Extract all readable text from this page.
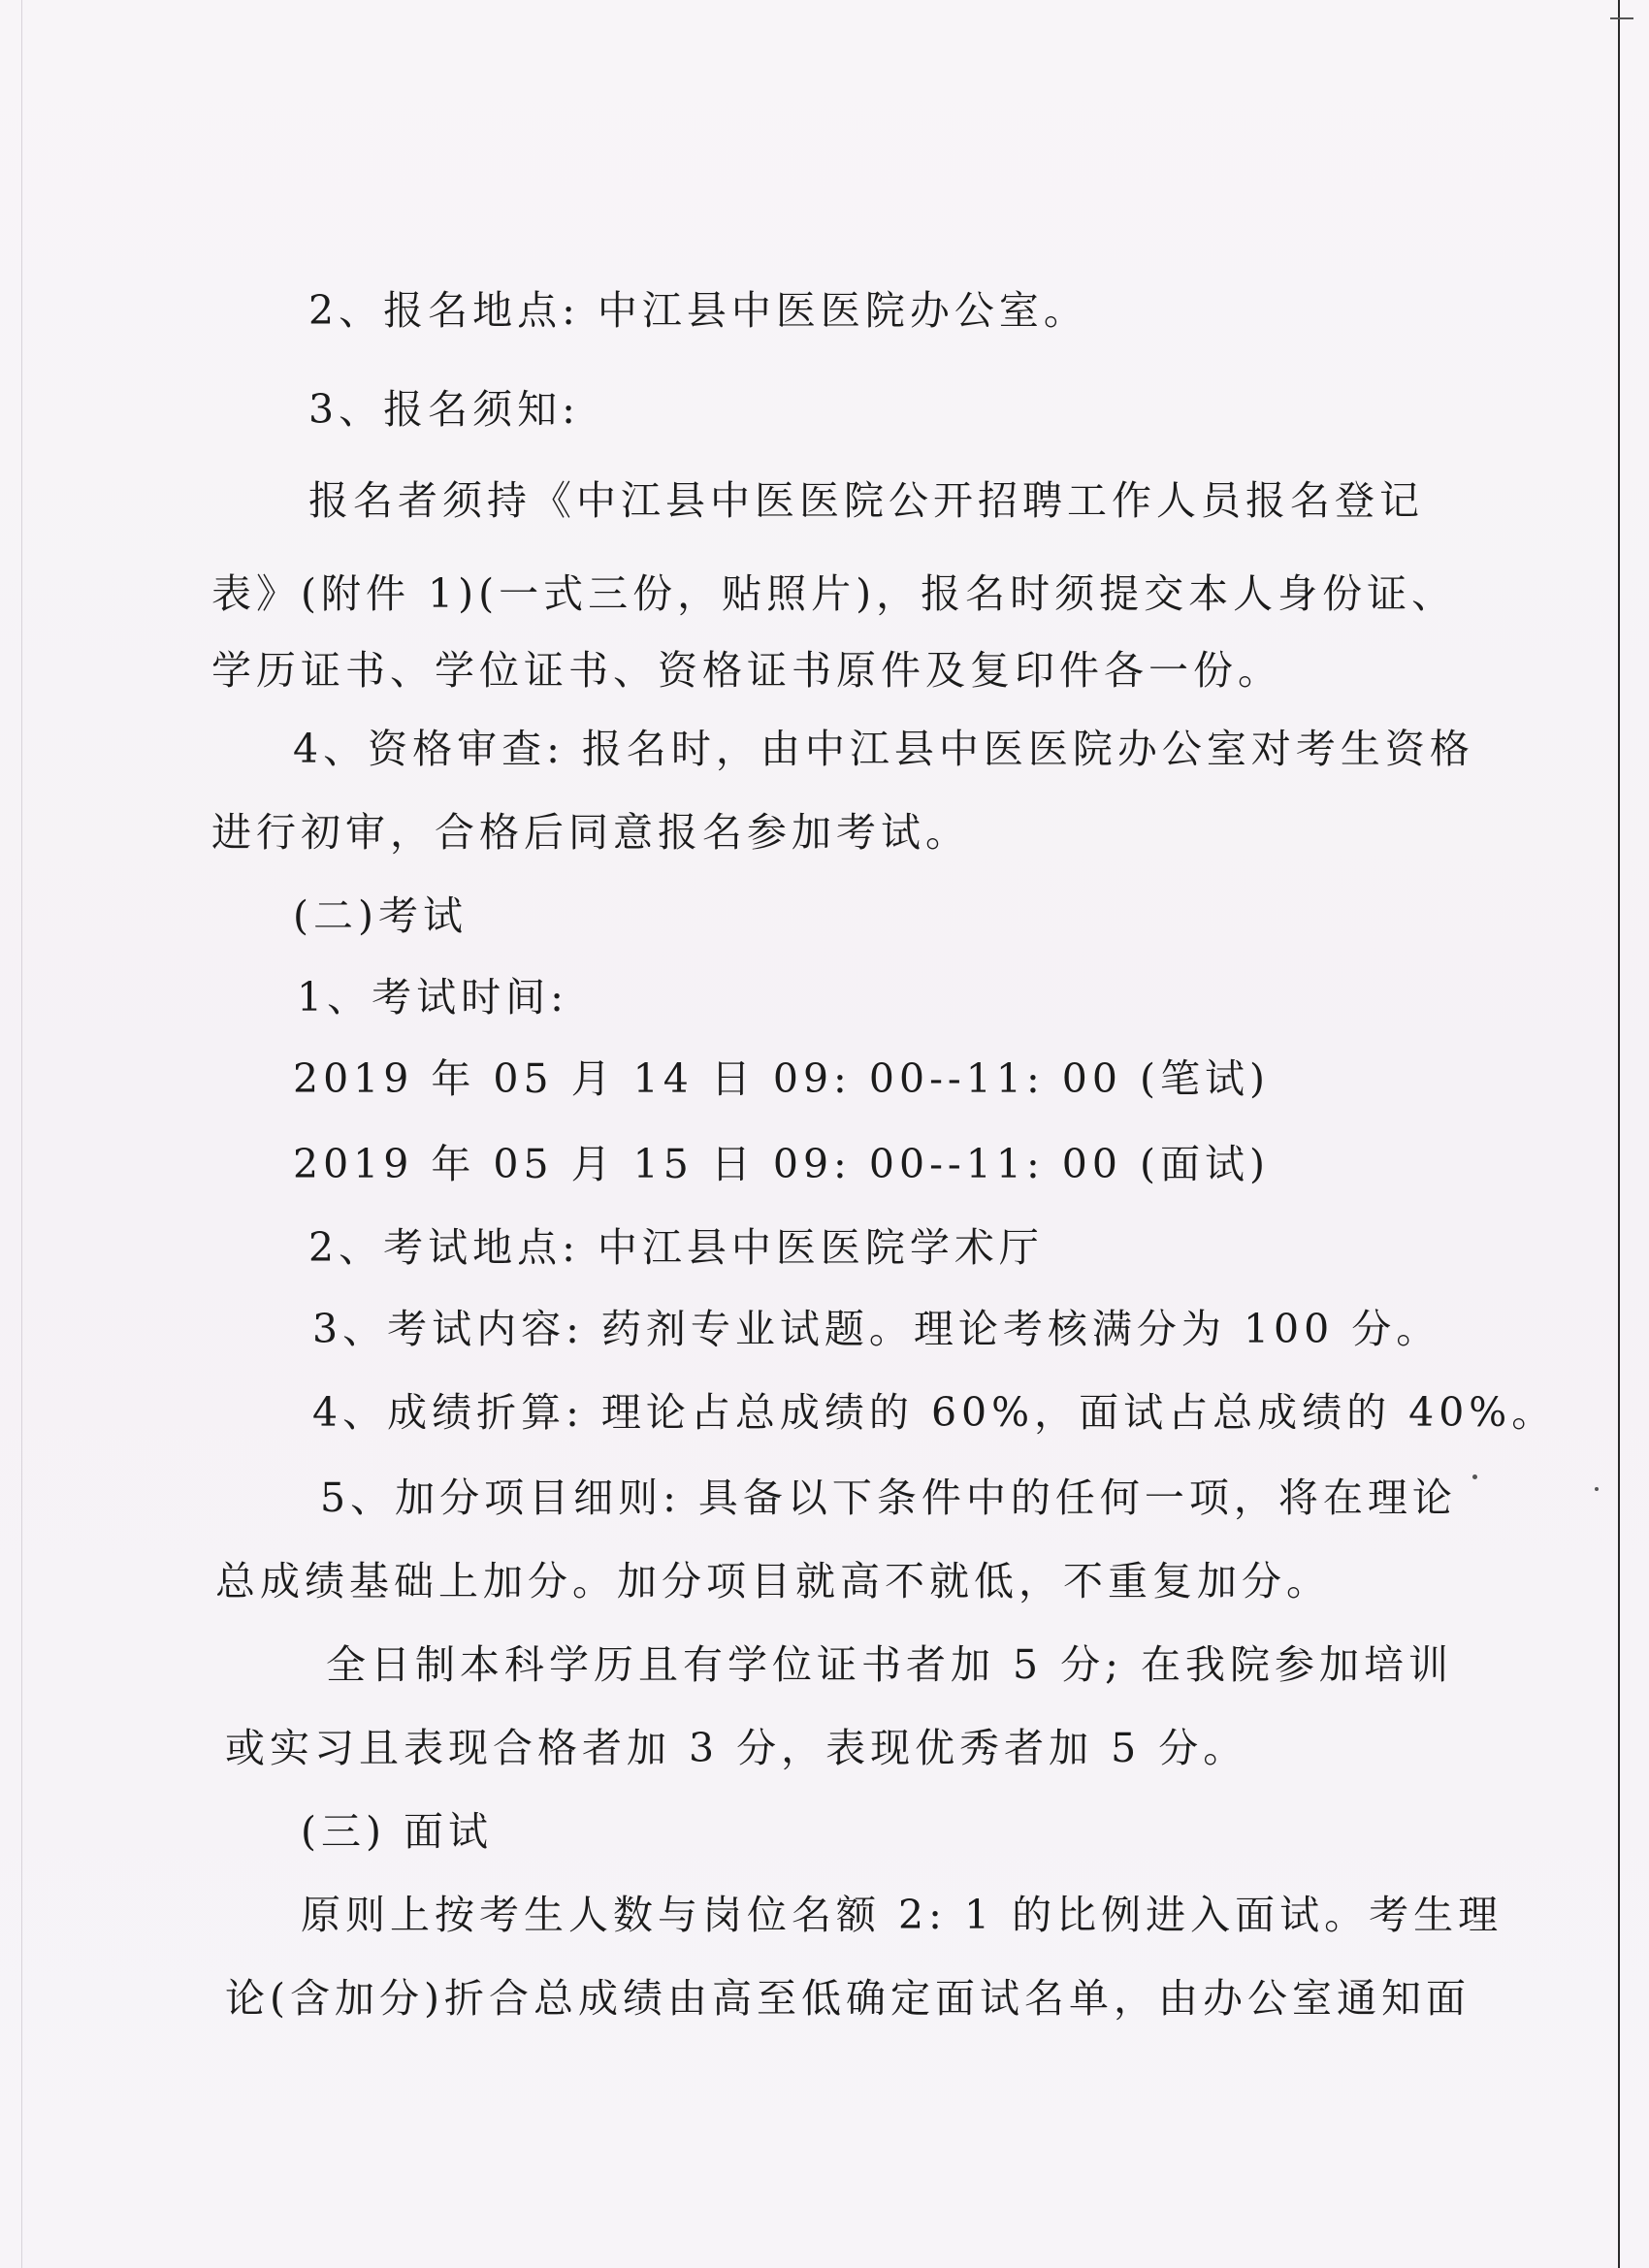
2、报名地点: 中江县中医医院办公室。
3、报名须知:
报名者须持《中江县中医医院公开招聘工作人员报名登记
表》(附件 1)(一式三份，贴照片)，报名时须提交本人身份证、
学历证书、学位证书、资格证书原件及复印件各一份。
4、资格审查: 报名时，由中江县中医医院办公室对考生资格
进行初审，合格后同意报名参加考试。
(二)考试
1、考试时间:
2019 年 05 月 14 日 09: 00--11: 00 (笔试)
2019 年 05 月 15 日 09: 00--11: 00 (面试)
2、考试地点: 中江县中医医院学术厅
3、考试内容: 药剂专业试题。理论考核满分为 100 分。
4、成绩折算: 理论占总成绩的 60%，面试占总成绩的 40%。
5、加分项目细则: 具备以下条件中的任何一项，将在理论
总成绩基础上加分。加分项目就高不就低，不重复加分。
全日制本科学历且有学位证书者加 5 分; 在我院参加培训
或实习且表现合格者加 3 分，表现优秀者加 5 分。
(三) 面试
原则上按考生人数与岗位名额 2: 1 的比例进入面试。考生理
论(含加分)折合总成绩由高至低确定面试名单，由办公室通知面
